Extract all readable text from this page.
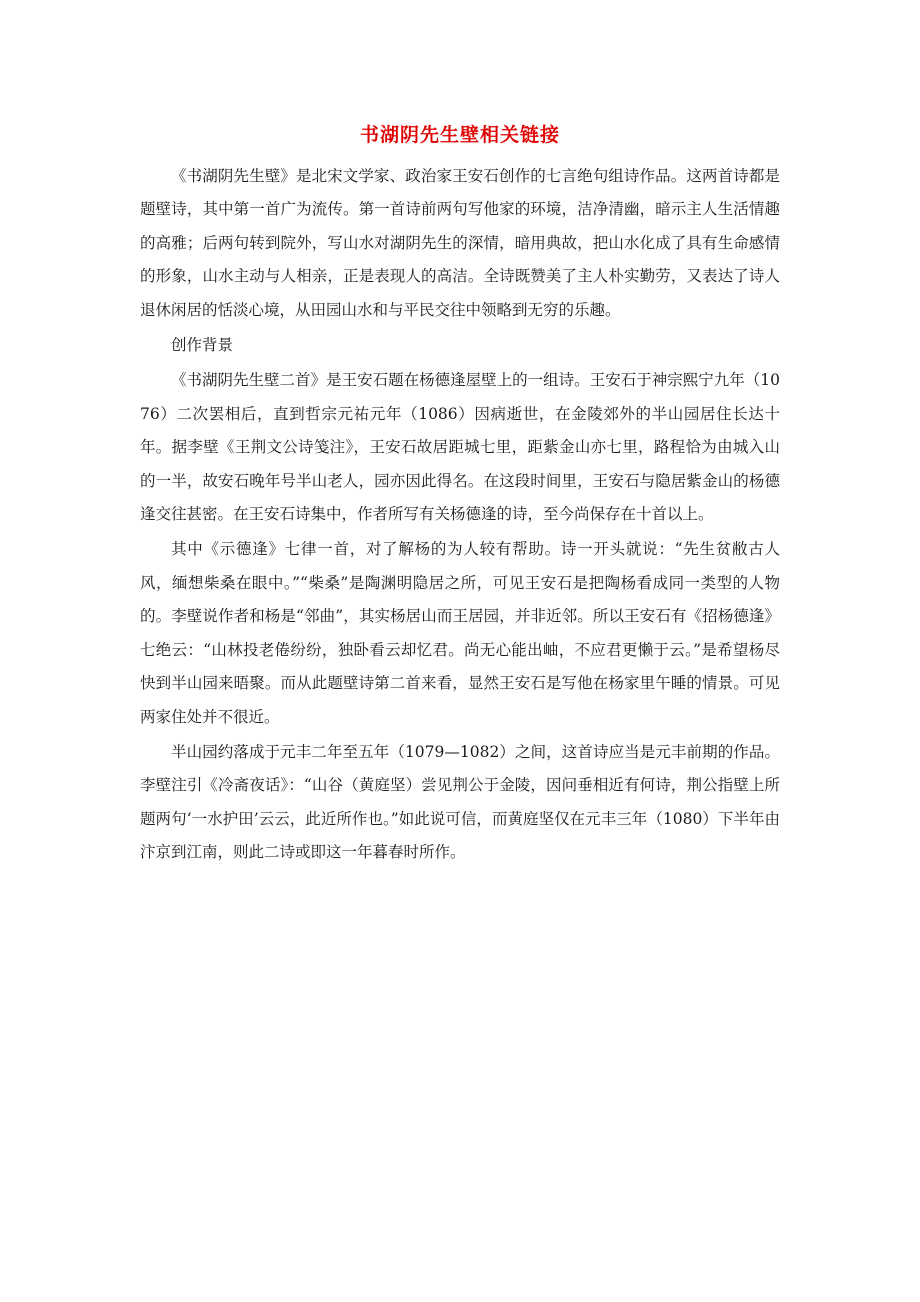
书湖阴先生壁相关链接

《书湖阴先生壁》是北宋文学家、政治家王安石创作的七言绝句组诗作品。这两首诗都是题壁诗，其中第一首广为流传。第一首诗前两句写他家的环境，洁净清幽，暗示主人生活情趣的高雅；后两句转到院外，写山水对湖阴先生的深情，暗用典故，把山水化成了具有生命感情的形象，山水主动与人相亲，正是表现人的高洁。全诗既赞美了主人朴实勤劳，又表达了诗人退休闲居的恬淡心境，从田园山水和与平民交往中领略到无穷的乐趣。

创作背景

《书湖阴先生壁二首》是王安石题在杨德逢屋壁上的一组诗。王安石于神宗熙宁九年（1076）二次罢相后，直到哲宗元祐元年（1086）因病逝世，在金陵郊外的半山园居住长达十年。据李壁《王荆文公诗笺注》，王安石故居距城七里，距紫金山亦七里，路程恰为由城入山的一半，故安石晚年号半山老人，园亦因此得名。在这段时间里，王安石与隐居紫金山的杨德逢交往甚密。在王安石诗集中，作者所写有关杨德逢的诗，至今尚保存在十首以上。

其中《示德逢》七律一首，对了解杨的为人较有帮助。诗一开头就说：“先生贫敝古人风，缅想柴桑在眼中。”“柴桑”是陶渊明隐居之所，可见王安石是把陶杨看成同一类型的人物的。李壁说作者和杨是“邻曲”，其实杨居山而王居园，并非近邻。所以王安石有《招杨德逢》七绝云：“山林投老倦纷纷，独卧看云却忆君。尚无心能出岫，不应君更懒于云。”是希望杨尽快到半山园来晤聚。而从此题壁诗第二首来看，显然王安石是写他在杨家里午睡的情景。可见两家住处并不很近。

半山园约落成于元丰二年至五年（1079—1082）之间，这首诗应当是元丰前期的作品。李壁注引《冷斋夜话》：“山谷（黄庭坚）尝见荆公于金陵，因问垂相近有何诗，荆公指壁上所题两句‘一水护田’云云，此近所作也。”如此说可信，而黄庭坚仅在元丰三年（1080）下半年由汴京到江南，则此二诗或即这一年暮春时所作。
